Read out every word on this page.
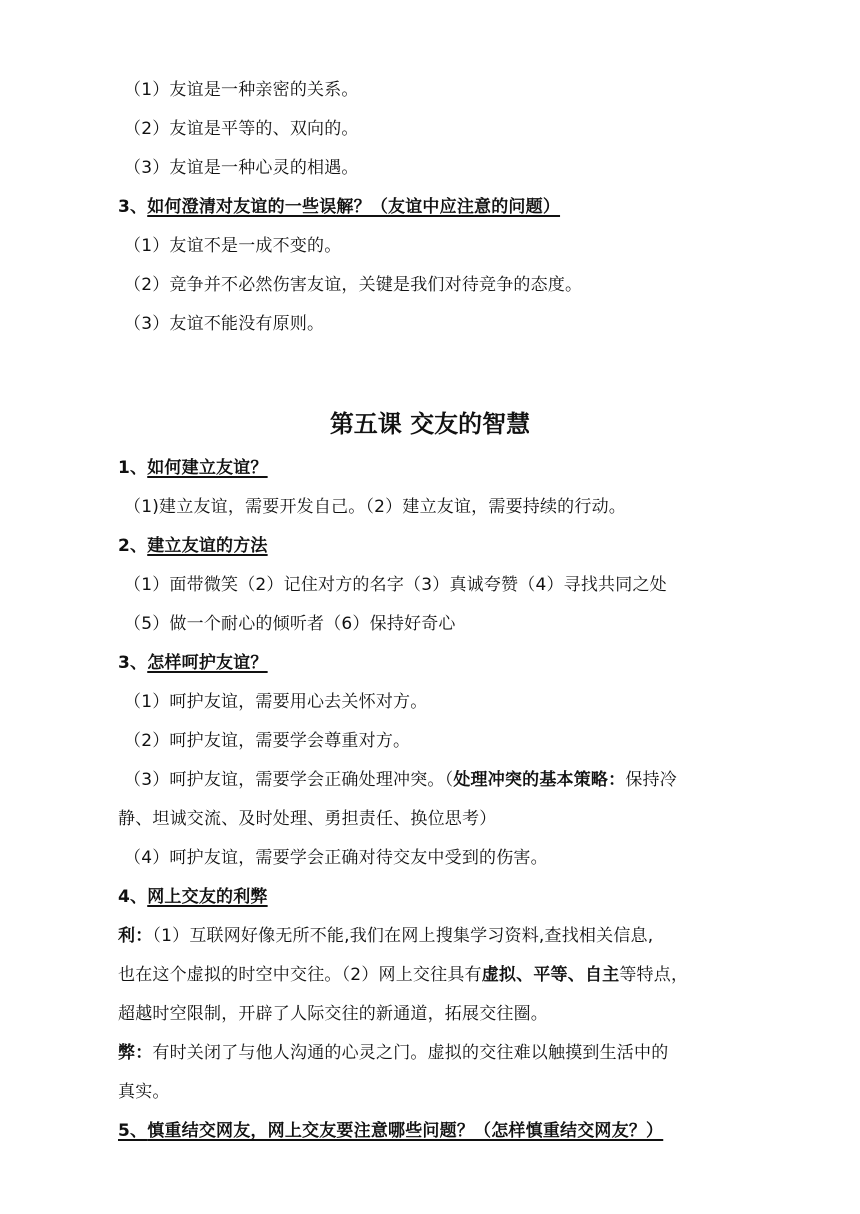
（1）友谊是一种亲密的关系。
（2）友谊是平等的、双向的。
（3）友谊是一种心灵的相遇。
3、如何澄清对友谊的一些误解？（友谊中应注意的问题）
（1）友谊不是一成不变的。
（2）竞争并不必然伤害友谊，关键是我们对待竞争的态度。
（3）友谊不能没有原则。
第五课 交友的智慧
1、如何建立友谊？
（1)建立友谊，需要开发自己。（2）建立友谊，需要持续的行动。
2、建立友谊的方法
（1）面带微笑（2）记住对方的名字（3）真诚夸赞（4）寻找共同之处
（5）做一个耐心的倾听者（6）保持好奇心
3、怎样呵护友谊？
（1）呵护友谊，需要用心去关怀对方。
（2）呵护友谊，需要学会尊重对方。
（3）呵护友谊，需要学会正确处理冲突。（处理冲突的基本策略：保持冷
静、坦诚交流、及时处理、勇担责任、换位思考）
（4）呵护友谊，需要学会正确对待交友中受到的伤害。
4、网上交友的利弊
利：（1）互联网好像无所不能,我们在网上搜集学习资料,查找相关信息,
也在这个虚拟的时空中交往。（2）网上交往具有虚拟、平等、自主等特点，
超越时空限制，开辟了人际交往的新通道，拓展交往圈。
弊：有时关闭了与他人沟通的心灵之门。虚拟的交往难以触摸到生活中的
真实。
5、慎重结交网友，网上交友要注意哪些问题？（怎样慎重结交网友？）
